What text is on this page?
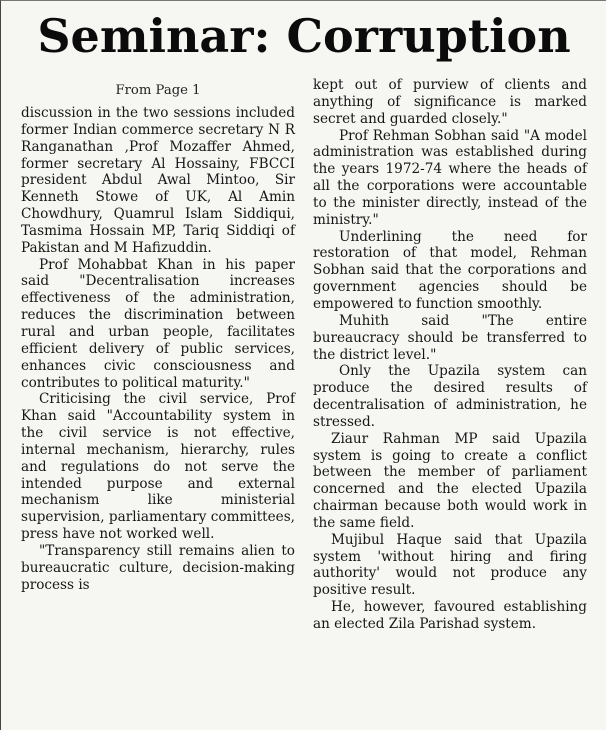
Seminar: Corruption
From Page 1

discussion in the two sessions included former Indian commerce secretary N R Ranganathan ,Prof Mozaffer Ahmed, former secretary Al Hossainy, FBCCI president Abdul Awal Mintoo, Sir Kenneth Stowe of UK, Al Amin Chowdhury, Quamrul Islam Siddiqui, Tasmima Hossain MP, Tariq Siddiqi of Pakistan and M Hafizuddin.

Prof Mohabbat Khan in his paper said "Decentralisation increases effectiveness of the administration, reduces the discrimination between rural and urban people, facilitates efficient delivery of public services, enhances civic consciousness and contributes to political maturity."

Criticising the civil service, Prof Khan said "Accountability system in the civil service is not effective, internal mechanism, hierarchy, rules and regulations do not serve the intended purpose and external mechanism like ministerial supervision, parliamentary committees, press have not worked well.

"Transparency still remains alien to bureaucratic culture, decision-making process is

kept out of purview of clients and anything of significance is marked secret and guarded closely."

Prof Rehman Sobhan said "A model administration was established during the years 1972-74 where the heads of all the corporations were accountable to the minister directly, instead of the ministry."

Underlining the need for restoration of that model, Rehman Sobhan said that the corporations and government agencies should be empowered to function smoothly.

Muhith said "The entire bureaucracy should be transferred to the district level."

Only the Upazila system can produce the desired results of decentralisation of administration, he stressed.

Ziaur Rahman MP said Upazila system is going to create a conflict between the member of parliament concerned and the elected Upazila chairman because both would work in the same field.

Mujibul Haque said that Upazila system 'without hiring and firing authority' would not produce any positive result.

He, however, favoured establishing an elected Zila Parishad system.
